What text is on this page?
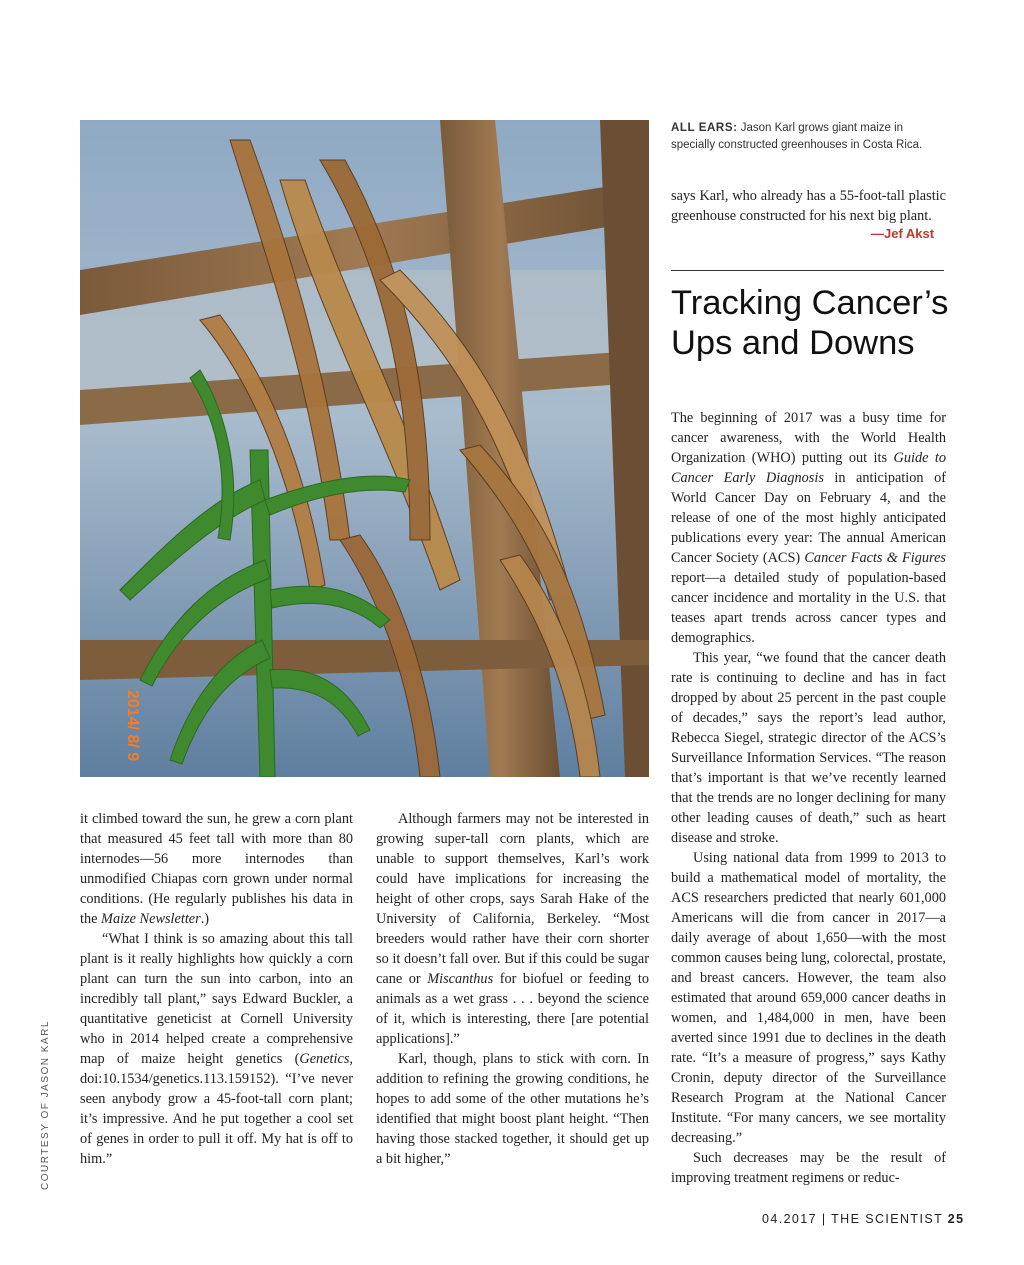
2014/ 8/ 9
COURTESY OF JASON KARL
ALL EARS: Jason Karl grows giant maize in specially constructed greenhouses in Costa Rica.

says Karl, who already has a 55-foot-tall plastic greenhouse constructed for his next big plant.

—Jef Akst
Tracking Cancer’s Ups and Downs

it climbed toward the sun, he grew a corn plant that measured 45 feet tall with more than 80 internodes—56 more internodes than unmodified Chiapas corn grown under normal conditions. (He regularly publishes his data in the Maize Newsletter.)

“What I think is so amazing about this tall plant is it really highlights how quickly a corn plant can turn the sun into carbon, into an incredibly tall plant,” says Edward Buckler, a quantitative geneticist at Cornell University who in 2014 helped create a comprehensive map of maize height genetics (Genetics, doi:10.1534/genetics.113.159152). “I’ve never seen anybody grow a 45-foot-tall corn plant; it’s impressive. And he put together a cool set of genes in order to pull it off. My hat is off to him.”

Although farmers may not be interested in growing super-tall corn plants, which are unable to support themselves, Karl’s work could have implications for increasing the height of other crops, says Sarah Hake of the University of California, Berkeley. “Most breeders would rather have their corn shorter so it doesn’t fall over. But if this could be sugar cane or Miscanthus for biofuel or feeding to animals as a wet grass . . . beyond the science of it, which is interesting, there [are potential applications].”

Karl, though, plans to stick with corn. In addition to refining the growing conditions, he hopes to add some of the other mutations he’s identified that might boost plant height. “Then having those stacked together, it should get up a bit higher,”

The beginning of 2017 was a busy time for cancer awareness, with the World Health Organization (WHO) putting out its Guide to Cancer Early Diagnosis in anticipation of World Cancer Day on February 4, and the release of one of the most highly anticipated publications every year: The annual American Cancer Society (ACS) Cancer Facts & Figures report—a detailed study of population-based cancer incidence and mortality in the U.S. that teases apart trends across cancer types and demographics.

This year, “we found that the cancer death rate is continuing to decline and has in fact dropped by about 25 percent in the past couple of decades,” says the report’s lead author, Rebecca Siegel, strategic director of the ACS’s Surveillance Information Services. “The reason that’s important is that we’ve recently learned that the trends are no longer declining for many other leading causes of death,” such as heart disease and stroke.

Using national data from 1999 to 2013 to build a mathematical model of mortality, the ACS researchers predicted that nearly 601,000 Americans will die from cancer in 2017—a daily average of about 1,650—with the most common causes being lung, colorectal, prostate, and breast cancers. However, the team also estimated that around 659,000 cancer deaths in women, and 1,484,000 in men, have been averted since 1991 due to declines in the death rate. “It’s a measure of progress,” says Kathy Cronin, deputy director of the Surveillance Research Program at the National Cancer Institute. “For many cancers, we see mortality decreasing.”

Such decreases may be the result of improving treatment regimens or reduc-

04.2017 | THE SCIENTIST 25
